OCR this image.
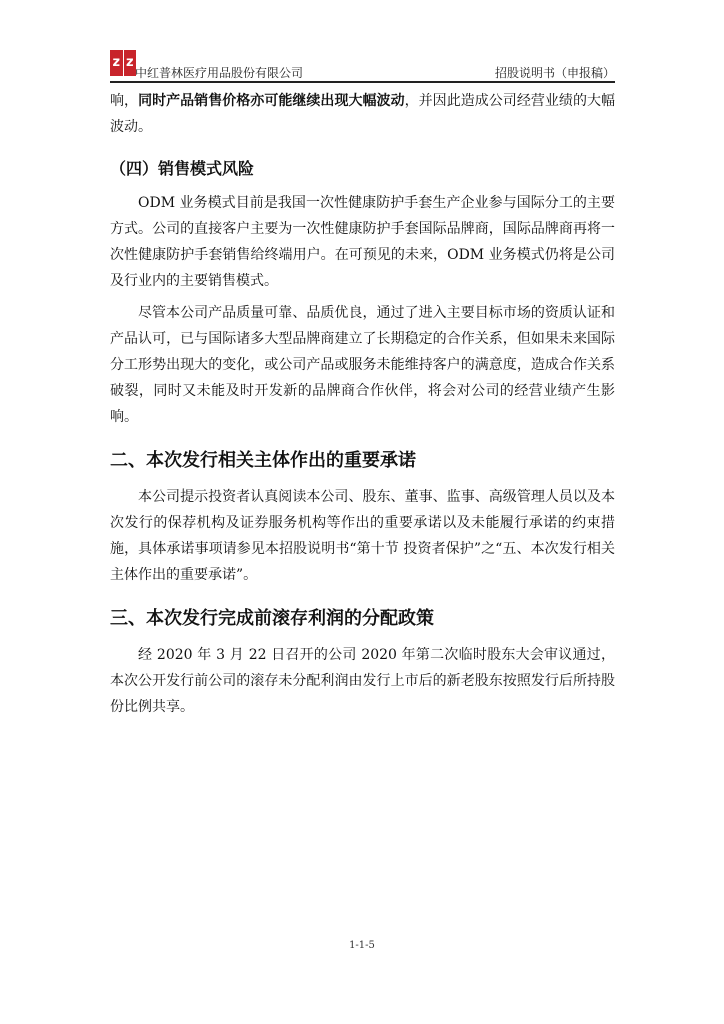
z z
中红普林医疗用品股份有限公司	招股说明书（申报稿）

响，同时产品销售价格亦可能继续出现大幅波动，并因此造成公司经营业绩的大幅波动。

（四）销售模式风险

ODM 业务模式目前是我国一次性健康防护手套生产企业参与国际分工的主要方式。公司的直接客户主要为一次性健康防护手套国际品牌商，国际品牌商再将一次性健康防护手套销售给终端用户。在可预见的未来，ODM 业务模式仍将是公司及行业内的主要销售模式。

尽管本公司产品质量可靠、品质优良，通过了进入主要目标市场的资质认证和产品认可，已与国际诸多大型品牌商建立了长期稳定的合作关系，但如果未来国际分工形势出现大的变化，或公司产品或服务未能维持客户的满意度，造成合作关系破裂，同时又未能及时开发新的品牌商合作伙伴，将会对公司的经营业绩产生影响。

二、本次发行相关主体作出的重要承诺

本公司提示投资者认真阅读本公司、股东、董事、监事、高级管理人员以及本次发行的保荐机构及证券服务机构等作出的重要承诺以及未能履行承诺的约束措施，具体承诺事项请参见本招股说明书“第十节 投资者保护”之“五、本次发行相关主体作出的重要承诺”。

三、本次发行完成前滚存利润的分配政策

经 2020 年 3 月 22 日召开的公司 2020 年第二次临时股东大会审议通过，本次公开发行前公司的滚存未分配利润由发行上市后的新老股东按照发行后所持股份比例共享。

1-1-5
